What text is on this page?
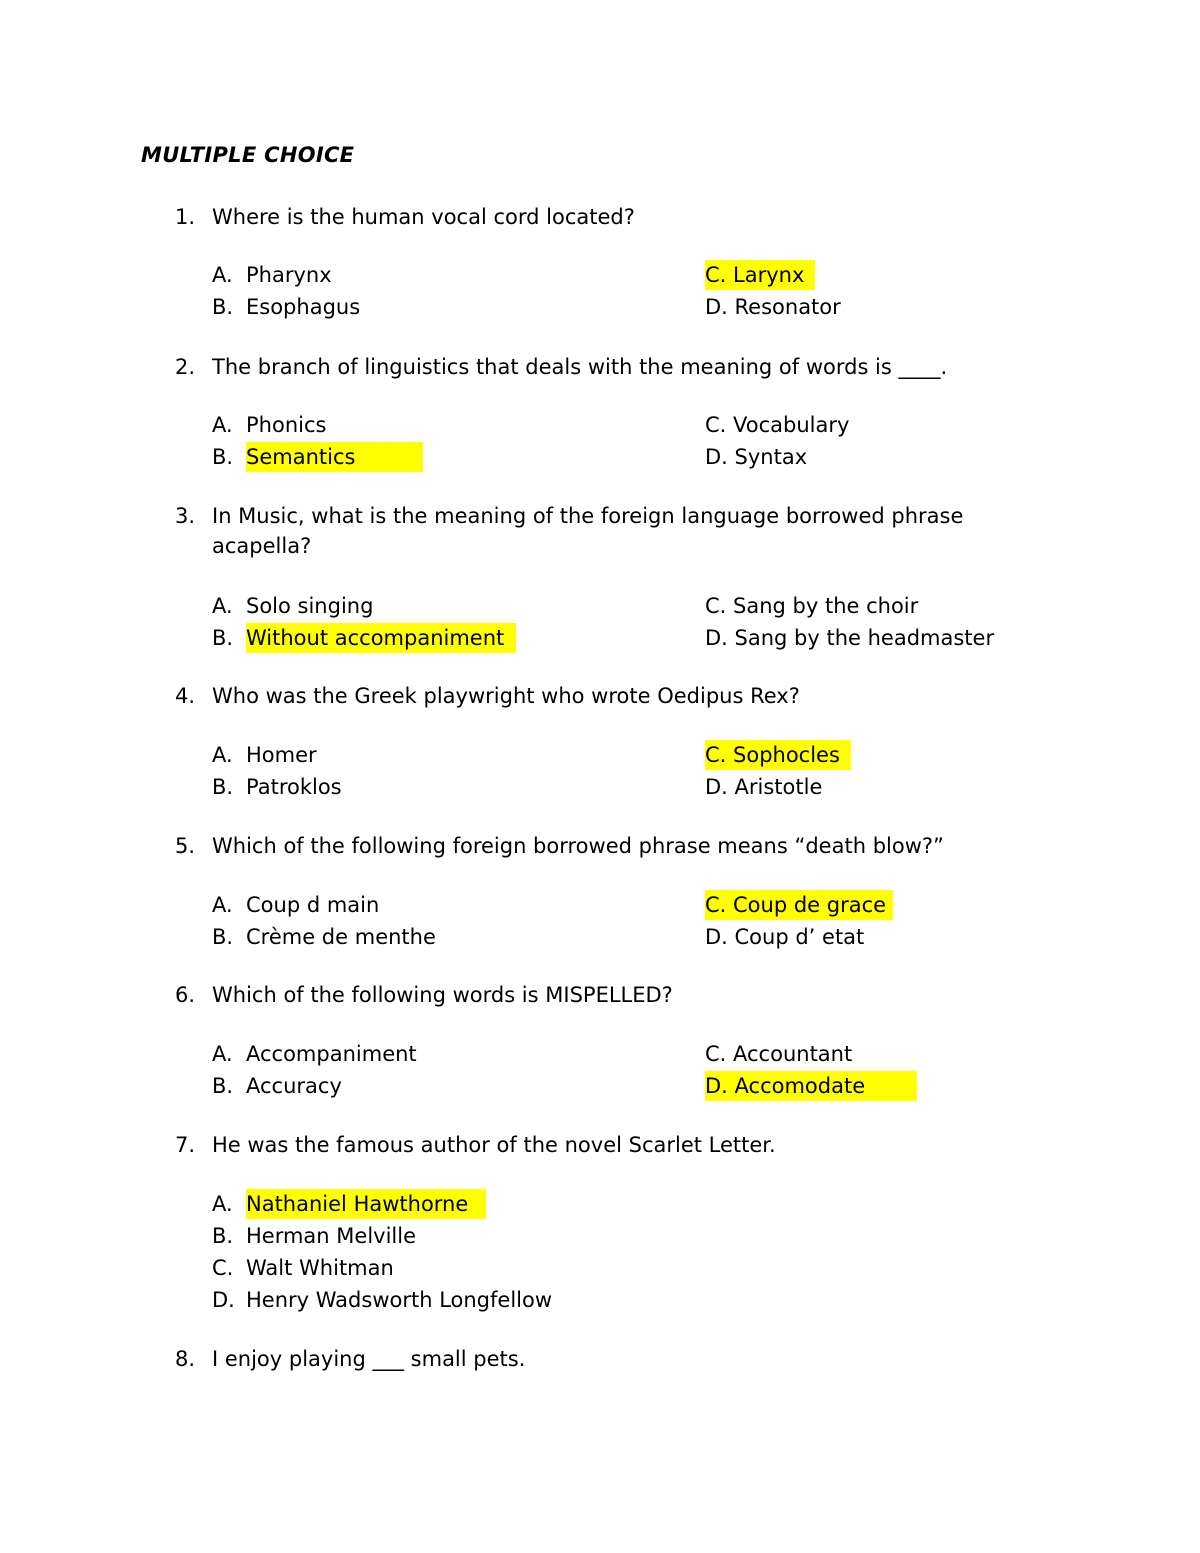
MULTIPLE CHOICE
1. Where is the human vocal cord located?
A. Pharynx
B. Esophagus
C. Larynx
D. Resonator
2. The branch of linguistics that deals with the meaning of words is ____.
A. Phonics
B. Semantics
C. Vocabulary
D. Syntax
3. In Music, what is the meaning of the foreign language borrowed phrase
acapella?
A. Solo singing
B. Without accompaniment
C. Sang by the choir
D. Sang by the headmaster
4. Who was the Greek playwright who wrote Oedipus Rex?
A. Homer
B. Patroklos
C. Sophocles
D. Aristotle
5. Which of the following foreign borrowed phrase means “death blow?”
A. Coup d main
B. Crème de menthe
C. Coup de grace
D. Coup d’ etat
6. Which of the following words is MISPELLED?
A. Accompaniment
B. Accuracy
C. Accountant
D. Accomodate
7. He was the famous author of the novel Scarlet Letter.
A. Nathaniel Hawthorne
B. Herman Melville
C. Walt Whitman
D. Henry Wadsworth Longfellow
8. I enjoy playing ___ small pets.
